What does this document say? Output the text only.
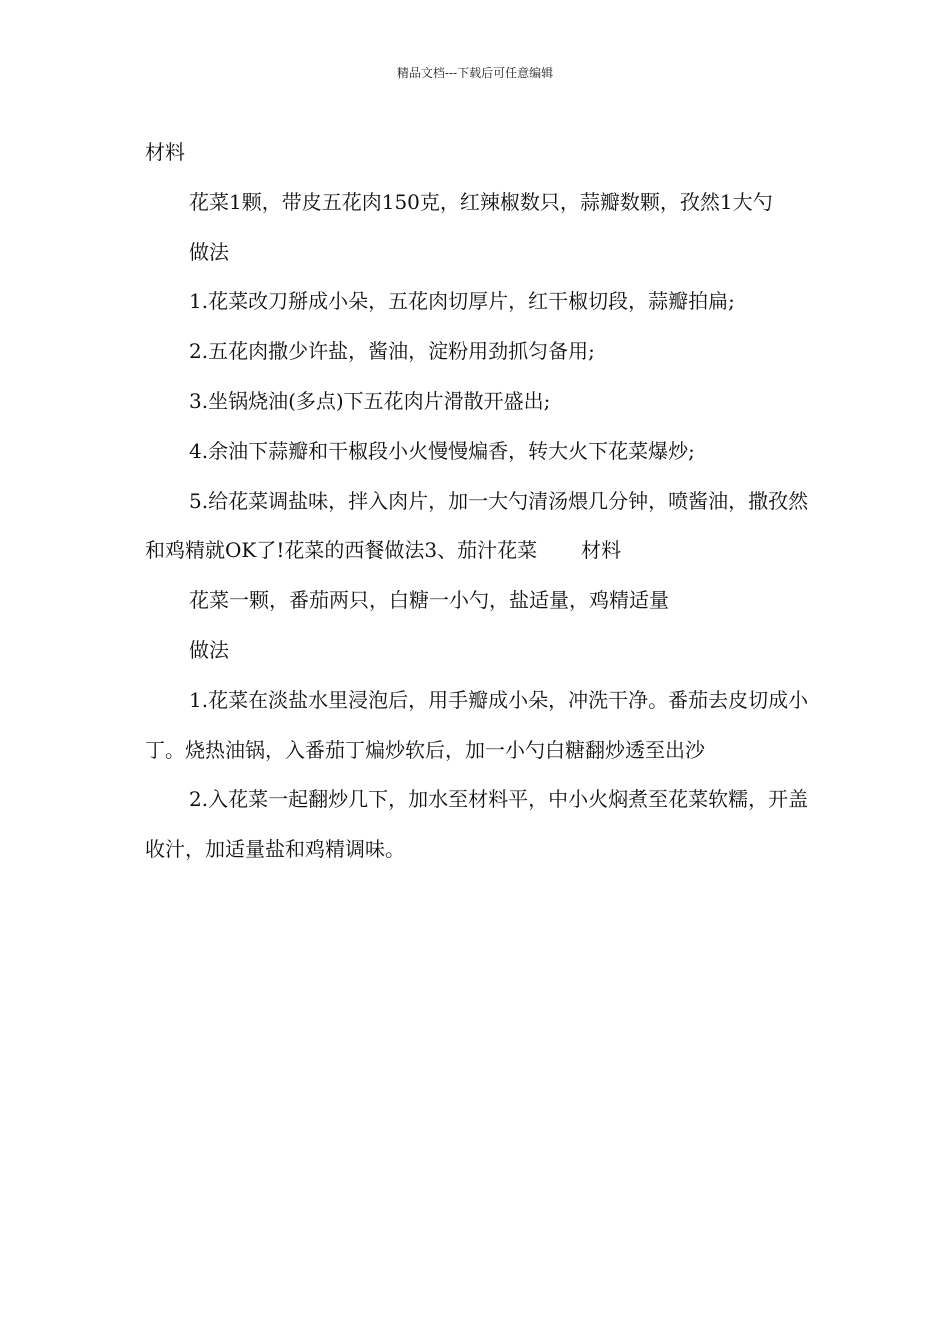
精品文档---下载后可任意编辑

材料

花菜1颗，带皮五花肉150克，红辣椒数只，蒜瓣数颗，孜然1大勺

做法

1.花菜改刀掰成小朵，五花肉切厚片，红干椒切段，蒜瓣拍扁;

2.五花肉撒少许盐，酱油，淀粉用劲抓匀备用;

3.坐锅烧油(多点)下五花肉片滑散开盛出;

4.余油下蒜瓣和干椒段小火慢慢煸香，转大火下花菜爆炒;

5.给花菜调盐味，拌入肉片，加一大勺清汤煨几分钟，喷酱油，撒孜然和鸡精就OK了!花菜的西餐做法3、茄汁花菜 材料

花菜一颗，番茄两只，白糖一小勺，盐适量，鸡精适量

做法

1.花菜在淡盐水里浸泡后，用手瓣成小朵，冲洗干净。番茄去皮切成小丁。烧热油锅，入番茄丁煸炒软后，加一小勺白糖翻炒透至出沙

2.入花菜一起翻炒几下，加水至材料平，中小火焖煮至花菜软糯，开盖收汁，加适量盐和鸡精调味。
